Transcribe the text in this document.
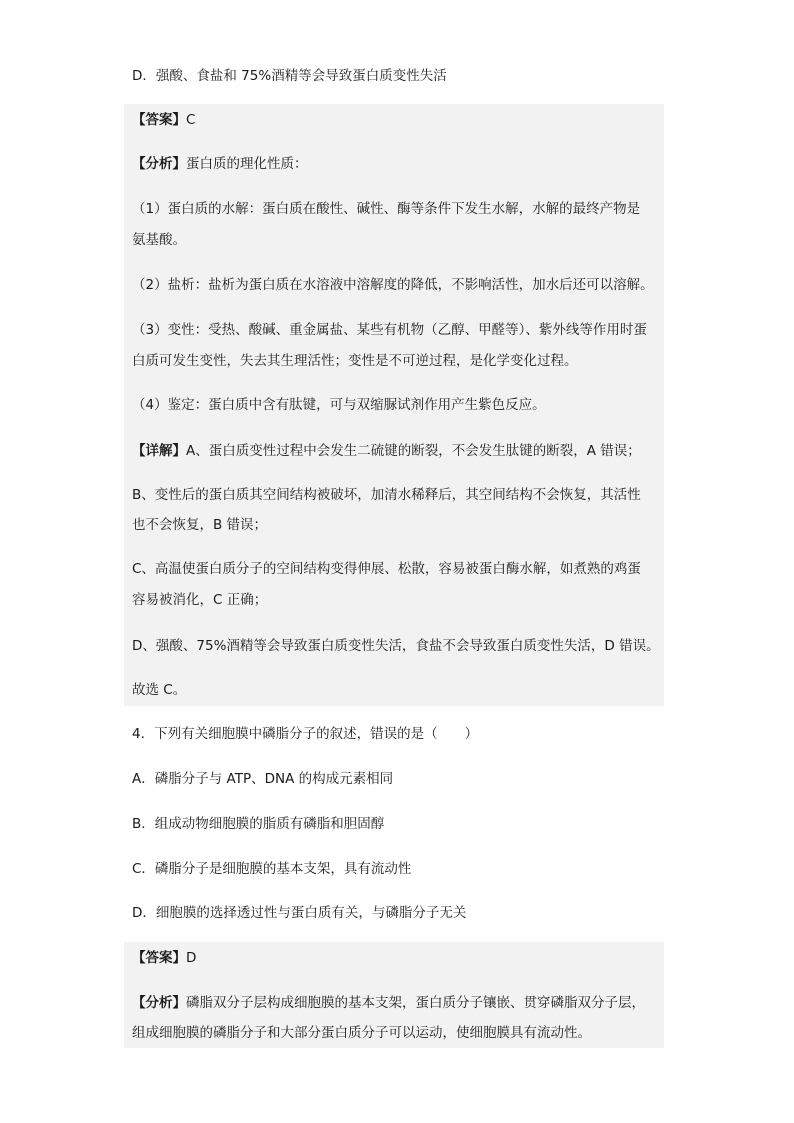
D．强酸、食盐和 75%酒精等会导致蛋白质变性失活
【答案】C
【分析】蛋白质的理化性质：
（1）蛋白质的水解：蛋白质在酸性、碱性、酶等条件下发生水解，水解的最终产物是
氨基酸。
（2）盐析：盐析为蛋白质在水溶液中溶解度的降低，不影响活性，加水后还可以溶解。
（3）变性：受热、酸碱、重金属盐、某些有机物（乙醇、甲醛等）、紫外线等作用时蛋
白质可发生变性，失去其生理活性；变性是不可逆过程，是化学变化过程。
（4）鉴定：蛋白质中含有肽键，可与双缩脲试剂作用产生紫色反应。
【详解】A、蛋白质变性过程中会发生二硫键的断裂，不会发生肽键的断裂，A 错误；
B、变性后的蛋白质其空间结构被破坏，加清水稀释后，其空间结构不会恢复，其活性
也不会恢复，B 错误；
C、高温使蛋白质分子的空间结构变得伸展、松散，容易被蛋白酶水解，如煮熟的鸡蛋
容易被消化，C 正确；
D、强酸、75%酒精等会导致蛋白质变性失活，食盐不会导致蛋白质变性失活，D 错误。
故选 C。
4．下列有关细胞膜中磷脂分子的叙述，错误的是（　　）
A．磷脂分子与 ATP、DNA 的构成元素相同
B．组成动物细胞膜的脂质有磷脂和胆固醇
C．磷脂分子是细胞膜的基本支架，具有流动性
D．细胞膜的选择透过性与蛋白质有关，与磷脂分子无关
【答案】D
【分析】磷脂双分子层构成细胞膜的基本支架，蛋白质分子镶嵌、贯穿磷脂双分子层，
组成细胞膜的磷脂分子和大部分蛋白质分子可以运动，使细胞膜具有流动性。
